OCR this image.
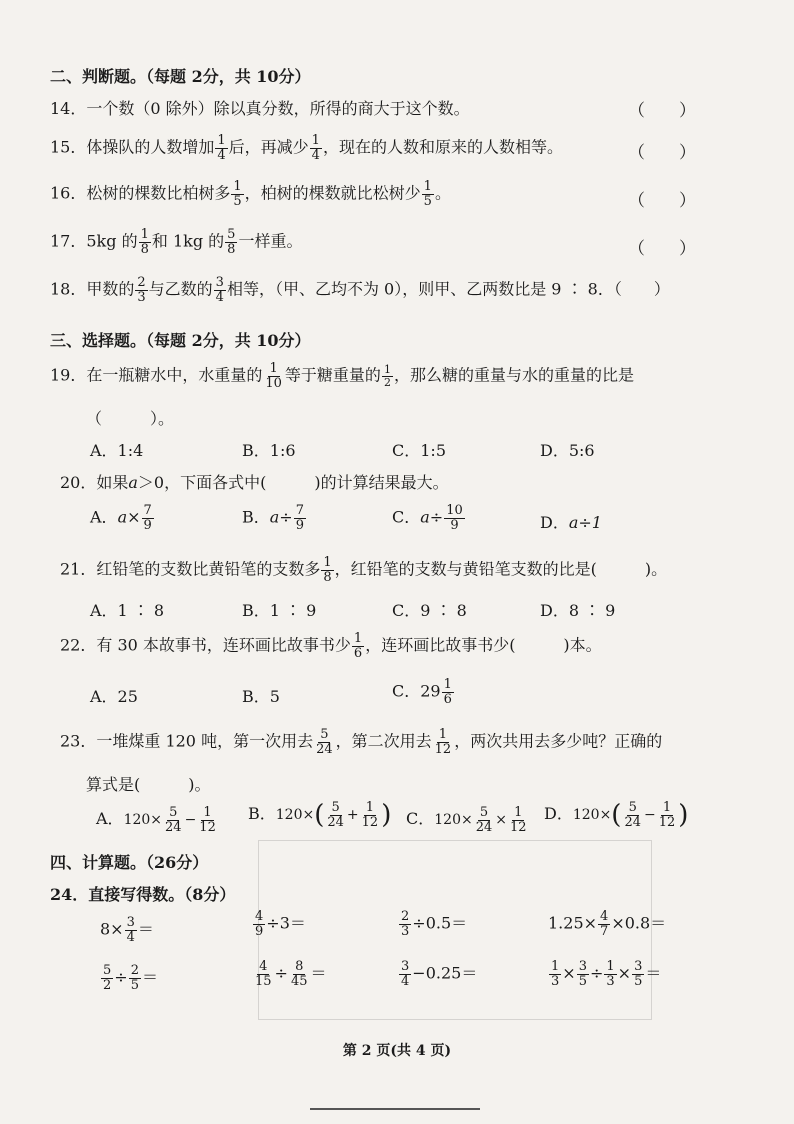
二、判断题。（每题 2分，共 10分）
14．一个数（0 除外）除以真分数，所得的商大于这个数。	（　　）
15．体操队的人数增加 $\frac{1}{4}$ 后，再减少 $\frac{1}{4}$ ，现在的人数和原来的人数相等。	（　　）
16．松树的棵数比柏树多 $\frac{1}{5}$ ，柏树的棵数就比松树少 $\frac{1}{5}$ 。	（　　）
17．5kg 的 $\frac{1}{8}$ 和 1kg 的 $\frac{5}{8}$ 一样重。	（　　）
18．甲数的 $\frac{2}{3}$ 与乙数的 $\frac{3}{4}$ 相等，（甲、乙均不为 0），则甲、乙两数比是 9 ∶ 8．（　　）
三、选择题。（每题 2分，共 10分）
19．在一瓶糖水中，水重量的 $\frac{1}{10}$ 等于糖重量的 $\frac{1}{2}$ ，那么糖的重量与水的重量的比是
（　　　）。
A．1:4	B．1:6	C．1:5	D．5:6
20．如果a＞0，下面各式中(　　　)的计算结果最大。
A．$a\times \frac{7}{9}$	B．$a\div \frac{7}{9}$	C．$a\div \frac{10}{9}$	D．a÷1
21．红铅笔的支数比黄铅笔的支数多 $\frac{1}{8}$ ，红铅笔的支数与黄铅笔支数的比是(　　　)。
A．1 ∶ 8	B．1 ∶ 9	C．9 ∶ 8	D．8 ∶ 9
22．有 30 本故事书，连环画比故事书少 $\frac{1}{6}$ ，连环画比故事书少(　　　)本。
A．25	B．5	C．$29 \frac{1}{6}$
23．一堆煤重 120 吨，第一次用去 $\frac{5}{24}$ ，第二次用去 $\frac{1}{12}$ ，两次共用去多少吨？正确的
算式是(　　　)。
A．$120\times \frac{5}{24} - \frac{1}{12}$ B．$120\times( \frac{5}{24} + \frac{1}{12}$ ) C．$120\times \frac{5}{24} \times \frac{1}{12}$ D．$120\times( \frac{5}{24} - \frac{1}{12}$ )
四、计算题。（26分）
24．直接写得数。（8分）
$8\times \frac{3}{4}$ ＝	$\frac{4}{9} \div 3=$	$\frac{2}{3} \div 0.5=$	$1.25\times \frac{4}{7} \times 0.8=$
$\frac{5}{2} \div \frac{2}{5}$ ＝	$\frac{4}{15} \div \frac{8}{45}$ ＝	$\frac{3}{4} -0.25=$	$\frac{1}{3} \times \frac{3}{5} \div \frac{1}{3} \times \frac{3}{5}$ ＝
第 2 页(共 4 页)
